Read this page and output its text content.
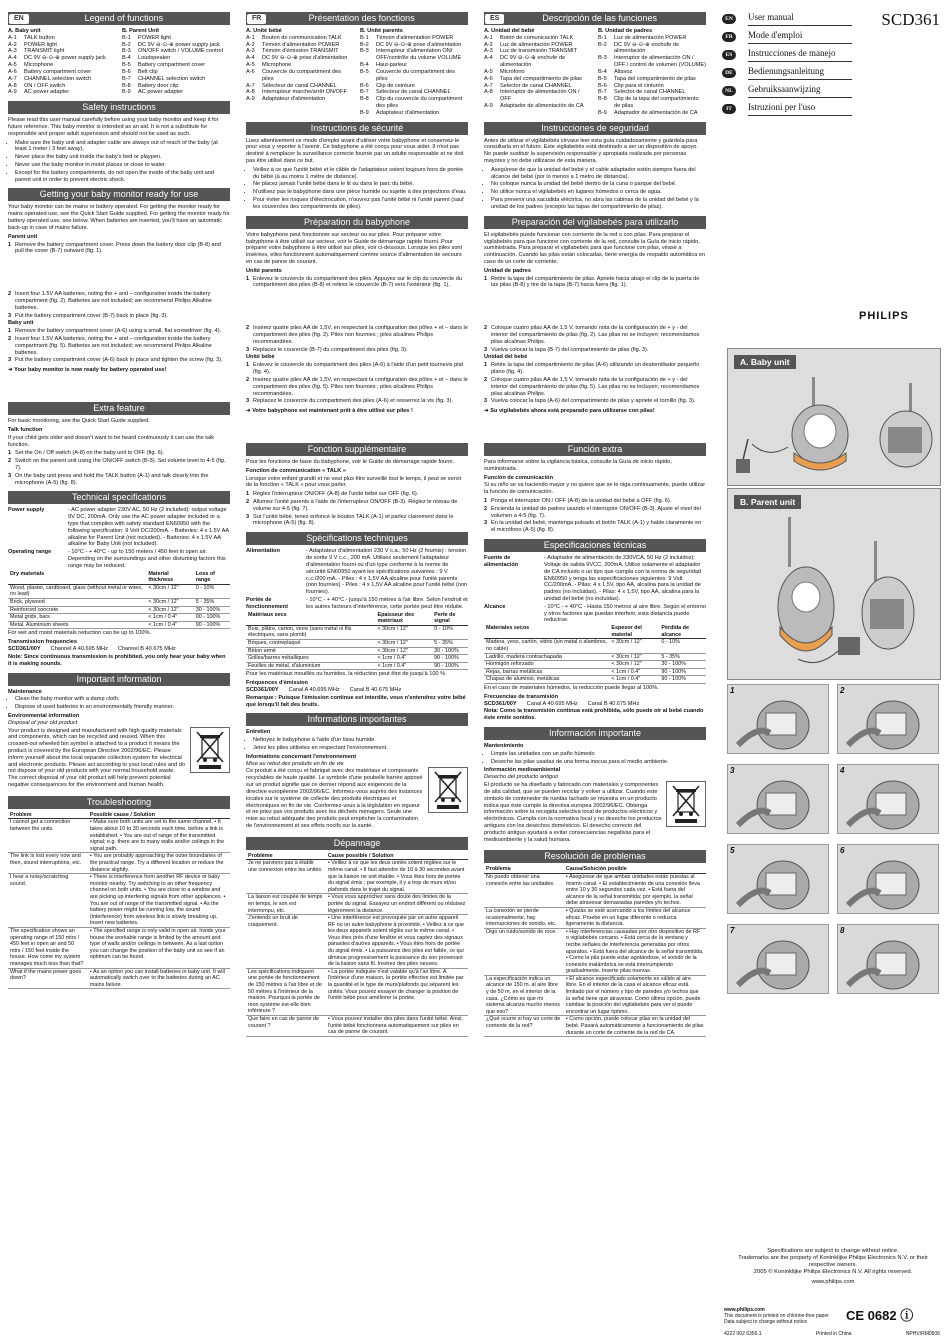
EN	Legend of functions
A. Baby unit
A-1	TALK button
A-2	POWER light
A-3	TRANSMIT light
A-4	DC 9V ⊖-⊙-⊕ power supply jack
A-5	Microphone
A-6	Battery compartment cover
A-7	CHANNEL selection switch
A-8	ON / OFF switch
A-9	AC power adapter
B. Parent Unit
B-1	POWER light
B-2	DC 9V ⊖-⊙-⊕ power supply jack
B-3	ON/OFF switch / VOLUME control
B-4	Loudspeaker
B-5	Battery compartment cover
B-6	Belt clip
B-7	CHANNEL selection switch
B-8	Battery door clip
B-9	AC power adapter
Safety instructions

Please read this user manual carefully before using your baby monitor and keep it for future reference. This baby monitor is intended as an aid. It is not a substitute for responsible and proper adult supervision and should not be used as such.

• Make sure the baby unit and adapter cable are always out of reach of the baby (at least 1 meter / 3 feet away).
• Never place the baby unit inside the baby's bed or playpen.
• Never use the baby monitor in moist places or close to water.
• Except for the battery compartments, do not open the inside of the baby unit and parent unit in order to prevent electric shock.
Getting your baby monitor ready for use

Your baby monitor can be mains or battery operated. For getting the monitor ready for mains operated use, see the Quick Start Guide supplied. For getting the monitor ready for battery operated use, see below. When batteries are inserted, you'll have an automatic back-up in case of mains failure.

Parent unit
1 Remove the battery compartment cover. Press down the battery door clip (B-8) and pull the cover (B-7) outward (fig. 1).
2 Insert four 1.5V AA batteries, noting the + and – configuration inside the battery compartment (fig. 2). Batteries are not included; we recommend Philips Alkaline batteries.
3 Put the battery compartment cover (B-7) back in place (fig. 3).
Baby unit
1 Remove the battery compartment cover (A-6) using a small, flat screwdriver (fig. 4).
2 Insert four 1.5V AA batteries, noting the + and – configuration inside the battery compartment (fig. 5). Batteries are not included; we recommend Philips Alkaline batteries.
3 Put the battery compartment cover (A-6) back in place and tighten the screw (fig. 3).
➜ Your baby monitor is now ready for battery operated use!
Extra feature

For basic monitoring, see the Quick Start Guide supplied.

Talk function

If your child gets older and doesn't want to be heard continuously it can use the talk function.

1 Set the On / Off switch (A-8) on the baby unit to OFF (fig. 6).
2 Switch on the parent unit using the ON/OFF switch (B-3). Set volume level to 4-5 (fig. 7).
3 On the baby unit press and hold the TALK button (A-1) and talk clearly into the microphone (A-5) (fig. 8).
Technical specifications
Power supply	- AC power adapter 230V AC, 50 Hz (2 included): output voltage 9V DC, 200mA. Only use the AC power adapter included or a type that complies with safety standard EN60950 with the following specification: 9 Volt DC/200mA. - Batteries: 4 x 1.5V AA alkaline for Parent Unit (not included). - Batteries: 4 x 1.5V AA alkaline for Baby Unit (not included).
Operating range	- 10°C - + 40°C - up to 150 meters / 450 feet in open air. Depending on the surroundings and other disturbing factors this range may be reduced.
Dry materials	Material thickness	Loss of range
Wood, plaster, cardboard, glass (without metal or wires, no lead)	< 30cm / 12"	0 - 10%
Brick, plywood	< 30cm / 12"	5 - 35%
Reinforced concrete	< 30cm / 12"	30 - 100%
Metal grids, bars	< 1cm / 0.4"	90 - 100%
Metal, Aluminium sheets	< 1cm / 0.4"	90 - 100%

For wet and moist materials reduction can be up to 100%.

Transmission frequencies
SCD361/00Y Channel A 40.695 MHz Channel B 40.675 MHz

Note: Since continuous transmission is prohibited, you only hear your baby when it is making sounds.

Important information
Maintenance
• Clean the baby monitor with a damp cloth.
• Dispose of used batteries in an environmentally friendly manner.
Environmental information
Disposal of your old product

Your product is designed and manufactured with high quality materials and components, which can be recycled and reused. When this crossed-out wheeled bin symbol is attached to a product it means the product is covered by the European Directive 2002/96/EC. Please inform yourself about the local separate collection system for electrical and electronic products. Please act according to your local rules and do not dispose of your old products with your normal household waste. The correct disposal of your old product will help prevent potential negative consequences for the environment and human health.

Troubleshooting
Problem	Possible cause / Solution
I cannot get a connection between the units.	• Make sure both units are set to the same channel. • It takes about 10 to 30 seconds each time, before a link is established. • You are out of range of the transmitted signal; e.g. there are to many walls and/or ceilings in the signal path.
The link is lost every now and then, sound interruptions, etc.	• You are probably approaching the outer boundaries of the practical range. Try a different location or reduce the distance slightly.
I hear a noisy/scratching sound.	• There is interference from another RF device or baby monitor nearby. Try switching to an other frequency channel on both units. • You are close to a window and are picking up interfering signals from other appliances. • You are out of range of the transmitted signal. • As the battery power might be running low, the sound (interference) from wireless link is slowly breaking up. Insert new batteries.
The specification shows an operating range of 150 mtrs / 450 feet in open air and 50 mtrs / 150 feet inside the house. How come my system manages much less than that?	• The specified range is only valid in open air. Inside your house the workable range is limited by the amount and type of walls and/or ceilings in between. As a last option you can change the position of the baby unit so see if an optimum can be found.
What if the mains power goes down?	• As an option you can install batteries in baby unit. It will automatically switch over to the batteries during an AC mains failure.
FR	Présentation des fonctions
A. Unité bébé
A-1	Bouton de communication TALK
A-2	Témoin d'alimentation POWER
A-3	Témoin d'émission TRANSMIT
A-4	DC 9V ⊖-⊙-⊕ prise d'alimentation
A-5	Microphone
A-6	Couvercle du compartiment des piles
A-7	Sélecteur de canal CHANNEL
A-8	Interrupteur marche/arrêt ON/OFF
A-9	Adaptateur d'alimentation
B. Unité parents
B-1	Témoin d'alimentation POWER
B-2	DC 9V ⊖-⊙-⊕ prise d'alimentation
B-3	Interrupteur d'alimentation ON/ OFF/contrôle du volume VOLUME
B-4	Haut-parleur
B-5	Couvercle du compartiment des piles
B-6	Clip de ceinture
B-7	Sélecteur de canal CHANNEL
B-8	Clip du couvercle du compartiment des piles
B-9	Adaptateur d'alimentation
Instructions de sécurité

Lisez attentivement ce mode d'emploi avant d'utiliser votre babyphone et conservez-le pour vous y reporter à l'avenir. Ce babyphone a été conçu pour vous aider. Il n'est pas destiné à remplacer la surveillance correcte fournie par un adulte responsable et ne doit pas être utilisé dans ce but.

• Veillez à ce que l'unité bébé et le câble de l'adaptateur soient toujours hors de portée du bébé (à au moins 1 mètre de distance).
• Ne placez jamais l'unité bébé dans le lit ou dans le parc du bébé.
• N'utilisez pas le babyphone dans une pièce humide ou sujette à des projections d'eau.
• Pour éviter les risques d'électrocution, n'ouvrez pas l'unité bébé ni l'unité parent (sauf les couvercles des compartiments de piles).
Préparation du babyphone

Votre babyphone peut fonctionner sur secteur ou sur piles. Pour préparer votre babyphone à être utilisé sur secteur, voir le Guide de démarrage rapide fourni. Pour préparer votre babyphone à être utilisé sur piles, voir ci-dessous. Lorsque les piles sont insérées, elles fonctionnent automatiquement comme source d'alimentation de secours en cas de panne de courant.

Unité parents
1 Enlevez le couvercle du compartiment des piles. Appuyez sur le clip du couvercle du compartiment des piles (B-8) et retirez le couvercle (B-7) vers l'extérieur (fig. 1).
2 Insérez quatre piles AA de 1,5V, en respectant la configuration des pôles + et – dans le compartiment des piles (fig. 2). Piles non fournies ; piles alcalines Philips recommandées.
3 Replacez le couvercle (B-7) du compartiment des piles (fig. 3).
Unité bébé
1 Enlevez le couvercle du compartiment des piles (A-6) à l'aide d'un petit tournevis plat (fig. 4).
2 Insérez quatre piles AA de 1,5V, en respectant la configuration des pôles + et – dans le compartiment des piles (fig. 5). Piles non fournies ; piles alcalines Philips recommandées.
3 Replacez le couvercle du compartiment des piles (A-6) et resserrez la vis (fig. 3).
➜ Votre babyphone est maintenant prêt à être utilisé sur piles !
Fonction supplémentaire

Pour les fonctions de base du babyphone, voir le Guide de démarrage rapide fourni.

Fonction de communication « TALK »

Lorsque votre enfant grandit et ne veut plus être surveillé tout le temps, il peut se servir de la fonction « TALK » pour vous parler.

1 Réglez l'interrupteur ON/OFF (A-8) de l'unité bébé sur OFF (fig. 6).
2 Allumez l'unité parents à l'aide de l'interrupteur ON/OFF (B-3). Réglez le niveau de volume sur 4-5 (fig. 7).
3 Sur l'unité bébé, tenez enfoncé le bouton TALK (A-1) et parlez clairement dans le microphone (A-5) (fig. 8).
Spécifications techniques
Alimentation	- Adaptateur d'alimentation 230 V c.a., 50 Hz (2 fournis) : tension de sortie 9 V c.c., 200 mA. Utilisez seulement l'adaptateur d'alimentation fourni ou d'un type conforme à la norme de sécurité EN60950 ayant les spécifications suivantes : 9 V c.c./200 mA. - Piles : 4 x 1,5V AA alcaline pour l'unité parents (non fournies) - Piles : 4 x 1,5V AA alcaline pour l'unité bébé (non fournies).
Portée de fonctionnement
- 10°C - + 40°C - jusqu'à 150 mètres à l'air libre. Selon l'endroit et les autres facteurs d'interférence, cette portée peut être réduite.
Matériaux secs	Epaisseur des matériaux	Perte de signal
Bois, plâtre, carton, verre (sans métal ni fils électriques, sans plomb)	< 30cm / 12"	0 - 10%
Briques, contreplaqué	< 30cm / 12"	5 - 35%
Béton armé	< 30cm / 12"	30 - 100%
Grilles/barres métalliques	< 1cm / 0.4"	90 - 100%
Feuilles de métal, d'aluminium	< 1cm / 0.4"	90 - 100%

Pour les matériaux mouillés ou humides, la réduction peut être de jusqu'à 100 %.

Fréquences d'émission
SCD361/00Y Canal A 40.695 MHz Canal B 40.675 MHz

Remarque : Puisque l'émission continue est interdite, vous n'entendrez votre bébé que lorsqu'il fait des bruits.

Informations importantes
Entretien
• Nettoyez le babyphone à l'aide d'un tissu humide.
• Jetez les piles utilisées en respectant l'environnement.
Informations concernant l'environnement
Mise au rebut des produits en fin de vie

Ce produit a été conçu et fabriqué avec des matériaux et composants recyclables de haute qualité. Le symbole d'une poubelle barrée apposé sur un produit signifie que ce dernier répond aux exigences de la directive européenne 2002/96/EC. Informez-vous auprès des instances locales sur le système de collecte des produits électriques et électroniques en fin de vie. Conformez-vous à la législation en vigueur et ne jetez pas vos produits avec les déchets ménagers. Seule une mise au rebut adéquate des produits peut empêcher la contamination de l'environnement et ses effets nocifs sur la santé.

Dépannage
Problème	Cause possible / Solution
Je ne parviens pas à établir une connexion entre les unités.	• Veillez à ce que les deux unités soient réglées sur le même canal. • Il faut attendre de 10 à 30 secondes avant que la liaison ne soit établie. • Vous êtes hors de portée du signal émis ; par exemple, il y a trop de murs et/ou plafonds dans le trajet du signal.
La liaison est coupée de temps en temps, le son est interrompu, etc.	• Vous vous approchez sans doute des limites de la portée du signal. Essayez un endroit différent ou réduisez légèrement la distance.
J'entends un bruit de craquement.	• Une interférence est provoquée par un autre appareil RF ou un autre babyphone à proximité. • Veillez à ce que les deux appareils soient réglés sur le même canal. • Vous êtes près d'une fenêtre et vous captez des signaux parasites d'autres appareils. • Vous êtes hors de portée du signal émis. • La puissance des piles est faible, ce qui diminue progressivement la puissance du son provenant de la liaison sans fil. Insérez des piles neuves.
Les spécifications indiquent une portée de fonctionnement de 150 mètres à l'air libre et de 50 mètres à l'intérieur de la maison. Pourquoi la portée de mon système est-elle bien inférieure ?	• La portée indiquée n'est valable qu'à l'air libre. A l'intérieur d'une maison, la portée effective est limitée par la quantité et le type de murs/plafonds qui séparent les unités. Vous pouvez essayer de changer la position de l'unité bébé pour améliorer la portée.
Que faire en cas de panne de courant ?	• Vous pouvez installer des piles dans l'unité bébé. Ainsi, l'unité bébé fonctionnera automatiquement sur piles en cas de panne de courant.
ES	Descripción de las funciones
A. Unidad del bebé
A-1	Botón de comunicación TALK
A-2	Luz de alimentación POWER
A-3	Luz de transmisión TRANSMIT
A-4	DC 9V ⊖-⊙-⊕ enchufe de alimentación
A-5	Micrófono
A-6	Tapa del compartimiento de pilas
A-7	Selector de canal CHANNEL
A-8	Interruptor de alimentación ON / OFF
A-9	Adaptador de alimentación de CA
B. Unidad de padres
B-1	Luz de alimentación POWER
B-2	DC 9V ⊖-⊙-⊕ enchufe de alimentación
B-3	Interruptor de alimentación ON / OFF / control de volumen (VOLUME)
B-4	Altavoz
B-5	Tapa del compartimiento de pilas
B-6	Clip para el cinturón
B-7	Selector de canal CHANNEL
B-8	Clip de la tapa del compartimiento de pilas
B-9	Adaptador de alimentación de CA
Instrucciones de seguridad

Antes de utilizar el vigilabebés sírvase leer esta guía cuidadosamente y guárdela para consultarla en el futuro. Este vigilabebés está destinado a ser un dispositivo de apoyo. No puede sustituir la supervisión responsable y apropiada realizada por personas mayores y no debe utilizarse de esta manera.

• Asegúrese de que la unidad del bebé y el cable adaptador estén siempre fuera del alcance del bebé (por lo menos a 1 metro de distancia).
• No coloque nunca la unidad del bebé dentro de la cuna o parque del bebé.
• No utilice nunca el vigilabebés en lugares húmedos o cerca de agua.
• Para prevenir una sacudida eléctrica, no abra las cabinas de la unidad del bebé y la unidad de los padres (excepto las tapas del compartimiento de pilas).
Preparación del vigilabebés para utilizarlo

El vigilabebés puede funcionar con corriente de la red o con pilas. Para preparar el vigilabebés para que funcione con corriente de la red, consulte la Guía de inicio rápido, suministrada. Para preparar el vigilabebés para que funcione con pilas, véase a continuación. Cuando las pilas están colocadas, tiene energía de respaldo automática en caso de un corte de corriente.

Unidad de padres
1 Retire la tapa del compartimiento de pilas. Apriete hacia abajo el clip de la puerta de las pilas (B-8) y tire de la tapa (B-7) hacia fuera (fig. 1).
2 Coloque cuatro pilas AA de 1,5 V, tomando nota de la configuración de + y - del interior del compartimiento de pilas (fig. 2). Las pilas no se incluyen; recomendamos pilas alcalinas Philips.
3 Vuelva colocar la tapa (B-7) del compartimiento de pilas (fig. 3).
Unidad del bebé
1 Retire la tapa del compartimiento de pilas (A-6) utilizando un destornillador pequeño plano (fig. 4).
2 Coloque cuatro pilas AA de 1,5 V, tomando nota de la configuración de + y - del interior del compartimiento de pilas (fig. 5). Las pilas no se incluyen; recomendamos pilas alcalinas Philips.
3 Vuelva colocar la tapa (A-6) del compartimiento de pilas y apriete el tornillo (fig. 3).
➜ Su vigilabebés ahora está preparado para utilizarse con pilas!
Función extra

Para informarse sobre la vigilancia básica, consulte la Guía de inicio rápido, suministrada.

Función de comunicación

Si su niño se va haciendo mayor y no quiere que se le oiga continuamente, puede utilizar la función de comunicación.

1 Ponga el interruptor ON / OFF (A-8) de la unidad del bebé a OFF (fig. 6).
2 Encienda la unidad de padres usando el interruptor ON/OFF (B-3). Ajuste el nivel del volumen a 4-5 (fig. 7).
3 En la unidad del bebé, mantenga pulsado el botón TALK (A-1) y hable claramente en el micrófono (A-5) (fig. 8).
Especificaciones técnicas
Fuente de alimentación
- Adaptador de alimentación de 230VCA, 50 Hz (2 incluidos): Voltaje de salida 9VCC, 200mA. Utilice solamente el adaptador de CA incluido o un tipo que cumpla con la norma de seguridad EN60950 y tenga las especificaciones siguientes: 9 Volt CC/200mA. - Pilas: 4 x 1,5V, tipo AA, alcalina para la unidad de padres (no incluidas). - Pilas: 4 x 1,5V, tipo AA, alcalina para la unidad del bebé (no incluidas).
Alcance	- 10°C - + 40°C - Hasta 150 metros al aire libre. Según el entorno y otros factores que puedan interferir, esta distancia puede reducirse.
Materiales secos	Espesor del material	Pérdida de alcance
Madera, yeso, cartón, vidrio (sin metal o alambres, no cable)	< 30cm / 12"	0 - 10%
Ladrillo, madera contrachapada	< 30cm / 12"	5 - 35%
Hormigón reforzado	< 30cm / 12"	30 - 100%
Rejas, barras metálicas	< 1cm / 0.4"	90 - 100%
Chapas de aluminio, metálicas	< 1cm / 0.4"	90 - 100%

En el caso de materiales húmedos, la reducción puede llegar al 100%.

Frecuencias de transmisión
SCD361/00Y Canal A 40.695 MHz Canal B 40.675 MHz

Nota: Como la transmisión continua está prohibida, sólo puede oír al bebé cuando éste emite sonidos.

Información importante
Mantenimiento
• Limpie las unidades con un paño húmedo
• Deseche las pilas usadas de una forma inocua para el medio ambiente.
Información medioambiental
Desecho del producto antiguo

El producto se ha diseñado y fabricado con materiales y componentes de alta calidad, que se pueden reciclar y volver a utilizar. Cuando este símbolo de contenedor de ruedas tachado se muestra en un producto indica que éste cumple la directiva europea 2002/96/EC. Obtenga información sobre la recogida selectiva local de productos eléctricos y electrónicos. Cumpla con la normativa local y no deseche los productos antiguos con los desechos domésticos. El desecho correcto del producto antiguo ayudará a evitar consecuencias negativas para el medioambiente y la salud humana.

Resolución de problemas
Problema	Causa/Solución posible
No puedo obtener una conexión entre las unidades.	• Asegúrese de que ambas unidades están puestas al mismo canal. • El establecimiento de una conexión lleva entre 10 y 30 segundos cada vez. • Está fuera del alcance de la señal transmitida; por ejemplo, la señal debe atravesar demasiadas paredes y/o techos.
La conexión se pierde ocasionalmente, hay interrupciones de sonido, etc.	• Quizás se esté acercando a los límites del alcance eficaz. Pruebe en un lugar diferente o reduzca ligeramente la distancia.
Oigo un ruido/sonido de roce.	• Hay interferencias causadas por otro dispositivo de RF o vigilabebés cercano. • Está cerca de la ventana y recibe señales de interferencia generadas por otros aparatos. • Está fuera del alcance de la señal transmitida. • Como la pila puede estar agotándose, el sonido de la conexión inalámbrica se está interrumpiendo gradualmente. Inserte pilas nuevas.
La especificación indica un alcance de 150 m. al aire libre y de 50 m. en el interior de la casa. ¿Cómo es que mi sistema alcanza mucho menos que eso?	• El alcance especificado solamente es válido al aire libre. En el interior de la casa el alcance eficaz está limitado por el número y tipo de paredes y/o techos que la señal tiene que atravesar. Como última opción, puede cambiar la posición del vigilabebés para ver si puede encontrar un lugar óptimo.
¿Qué ocurre si hay un corte de corriente de la red?	• Como opción, puede colocar pilas en la unidad del bebé. Pasará automáticamente a funcionamiento de pilas durante un corte de corriente de la red de CA.
EN	User manual
FR	Mode d'emploi
ES	Instrucciones de manejo
DE	Bedienungsanleitung
NL	Gebruiksaanwijzing
IT	Istruzioni per l'uso
SCD361
PHILIPS
A. Baby unit
B. Parent unit
1	2
3	4
5	6
7	8
Specifications are subject to change without notice.
Trademarks are the property of Koninklijke Philips Electronics N.V. or their respective owners.
2005 © Koninklijke Philips Electronics N.V. All rights reserved.
www.philips.com
www.philips.com
This document is printed on chlorine-free paper
Data subject to change without notice
4222 002 6356.1	Printed in China	NPHV/RM0506
CE 0682 ⓘ
